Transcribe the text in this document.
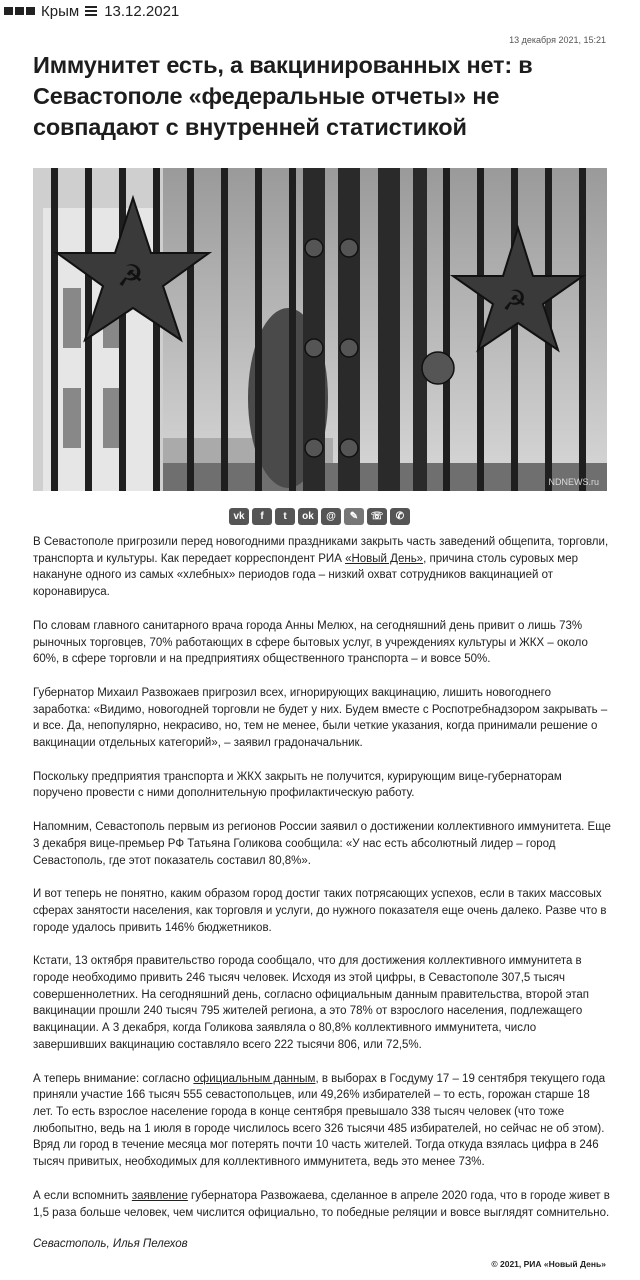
Крым 13.12.2021
13 декабря 2021, 15:21
Иммунитет есть, а вакцинированных нет: в Севастополе «федеральные отчеты» не совпадают с внутренней статистикой
☭
☭
NDNEWS.ru
vk	f	t	ok	@	✎	☏	✆

В Севастополе пригрозили перед новогодними праздниками закрыть часть заведений общепита, торговли, транспорта и культуры. Как передает корреспондент РИА «Новый День», причина столь суровых мер накануне одного из самых «хлебных» периодов года – низкий охват сотрудников вакцинацией от коронавируса.

По словам главного санитарного врача города Анны Мелюх, на сегодняшний день привит о лишь 73% рыночных торговцев, 70% работающих в сфере бытовых услуг, в учреждениях культуры и ЖКХ – около 60%, в сфере торговли и на предприятиях общественного транспорта – и вовсе 50%.

Губернатор Михаил Развожаев пригрозил всех, игнорирующих вакцинацию, лишить новогоднего заработка: «Видимо, новогодней торговли не будет у них. Будем вместе с Роспотребнадзором закрывать – и все. Да, непопулярно, некрасиво, но, тем не менее, были четкие указания, когда принимали решение о вакцинации отдельных категорий», – заявил градоначальник.

Поскольку предприятия транспорта и ЖКХ закрыть не получится, курирующим вице-губернаторам поручено провести с ними дополнительную профилактическую работу.

Напомним, Севастополь первым из регионов России заявил о достижении коллективного иммунитета. Еще 3 декабря вице-премьер РФ Татьяна Голикова сообщила: «У нас есть абсолютный лидер – город Севастополь, где этот показатель составил 80,8%».

И вот теперь не понятно, каким образом город достиг таких потрясающих успехов, если в таких массовых сферах занятости населения, как торговля и услуги, до нужного показателя еще очень далеко. Разве что в городе удалось привить 146% бюджетников.

Кстати, 13 октября правительство города сообщало, что для достижения коллективного иммунитета в городе необходимо привить 246 тысяч человек. Исходя из этой цифры, в Севастополе 307,5 тысяч совершеннолетних. На сегодняшний день, согласно официальным данным правительства, второй этап вакцинации прошли 240 тысяч 795 жителей региона, а это 78% от взрослого населения, подлежащего вакцинации. А 3 декабря, когда Голикова заявляла о 80,8% коллективного иммунитета, число завершивших вакцинацию составляло всего 222 тысячи 806, или 72,5%.

А теперь внимание: согласно официальным данным, в выборах в Госдуму 17 – 19 сентября текущего года приняли участие 166 тысяч 555 севастопольцев, или 49,26% избирателей – то есть, горожан старше 18 лет. То есть взрослое население города в конце сентября превышало 338 тысяч человек (что тоже любопытно, ведь на 1 июля в городе числилось всего 326 тысячи 485 избирателей, но сейчас не об этом). Вряд ли город в течение месяца мог потерять почти 10 часть жителей. Тогда откуда взялась цифра в 246 тысяч привитых, необходимых для коллективного иммунитета, ведь это менее 73%.

А если вспомнить заявление губернатора Развожаева, сделанное в апреле 2020 года, что в городе живет в 1,5 раза больше человек, чем числится официально, то победные реляции и вовсе выглядят сомнительно.

Севастополь, Илья Пелехов

© 2021, РИА «Новый День»
